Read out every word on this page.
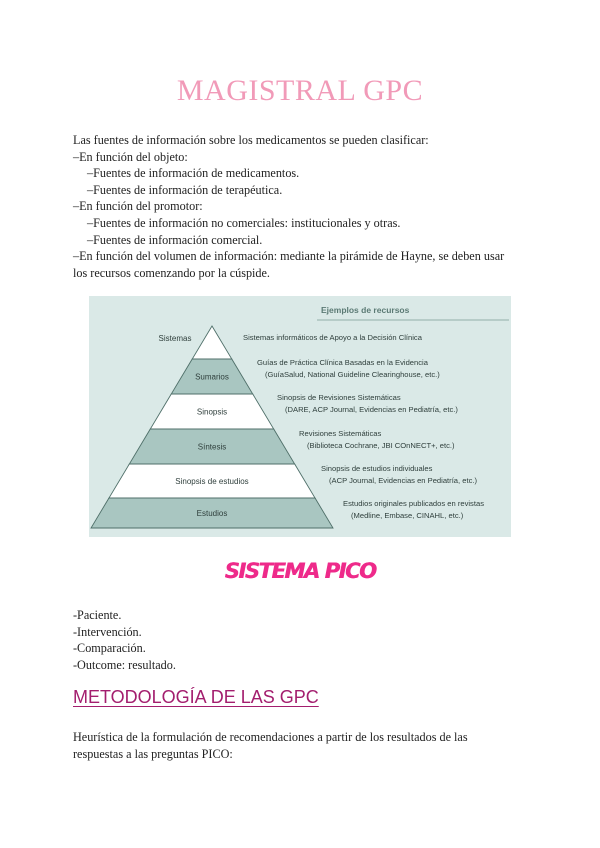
MAGISTRAL GPC
Las fuentes de información sobre los medicamentos se pueden clasificar:
–En función del objeto:
–Fuentes de información de medicamentos.
–Fuentes de información de terapéutica.
–En función del promotor:
–Fuentes de información no comerciales: institucionales y otras.
–Fuentes de información comercial.
–En función del volumen de información: mediante la pirámide de Hayne, se deben usar
los recursos comenzando por la cúspide.
Ejemplos de recursos
Sistemas	Sistemas informáticos de Apoyo a la Decisión Clínica
Sumarios
Guías de Práctica Clínica Basadas en la Evidencia
(GuíaSalud, National Guideline Clearinghouse, etc.)
Sinopsis
Sinopsis de Revisiones Sistemáticas
(DARE, ACP Journal, Evidencias en Pediatría, etc.)
Síntesis
Revisiones Sistemáticas
(Biblioteca Cochrane, JBI COnNECT+, etc.)
Sinopsis de estudios
Sinopsis de estudios individuales
(ACP Journal, Evidencias en Pediatría, etc.)
Estudios
Estudios originales publicados en revistas
(Medline, Embase, CINAHL, etc.)
SISTEMA PICO
-Paciente.
-Intervención.
-Comparación.
-Outcome: resultado.
METODOLOGÍA DE LAS GPC
Heurística de la formulación de recomendaciones a partir de los resultados de las
respuestas a las preguntas PICO:
